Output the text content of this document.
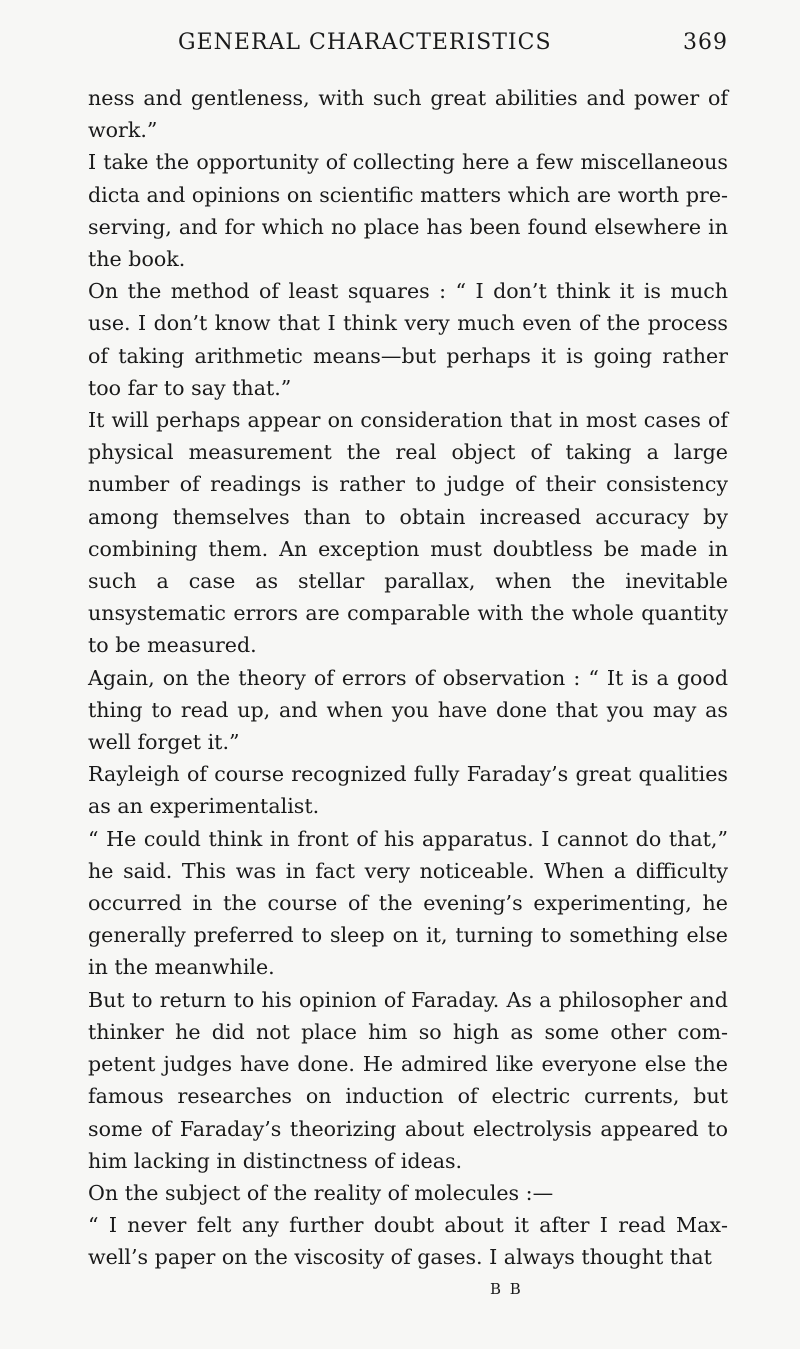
GENERAL CHARACTERISTICS	369

ness and gentleness, with such great abilities and power of work.”

I take the opportunity of collecting here a few miscellaneous dicta and opinions on scientific matters which are worth preserving, and for which no place has been found elsewhere in the book.

On the method of least squares : “ I don’t think it is much use. I don’t know that I think very much even of the process of taking arithmetic means—but perhaps it is going rather too far to say that.”

It will perhaps appear on consideration that in most cases of physical measurement the real object of taking a large number of readings is rather to judge of their consistency among themselves than to obtain increased accuracy by combining them. An exception must doubtless be made in such a case as stellar parallax, when the inevitable unsystematic errors are comparable with the whole quantity to be measured.

Again, on the theory of errors of observation : “ It is a good thing to read up, and when you have done that you may as well forget it.”

Rayleigh of course recognized fully Faraday’s great qualities as an experimentalist.

“ He could think in front of his apparatus. I cannot do that,” he said. This was in fact very noticeable. When a difficulty occurred in the course of the evening’s experimenting, he generally preferred to sleep on it, turning to something else in the meanwhile.

But to return to his opinion of Faraday. As a philosopher and thinker he did not place him so high as some other competent judges have done. He admired like everyone else the famous researches on induction of electric currents, but some of Faraday’s theorizing about electrolysis appeared to him lacking in distinctness of ideas.

On the subject of the reality of molecules :—

“ I never felt any further doubt about it after I read Maxwell’s paper on the viscosity of gases. I always thought that

B B
